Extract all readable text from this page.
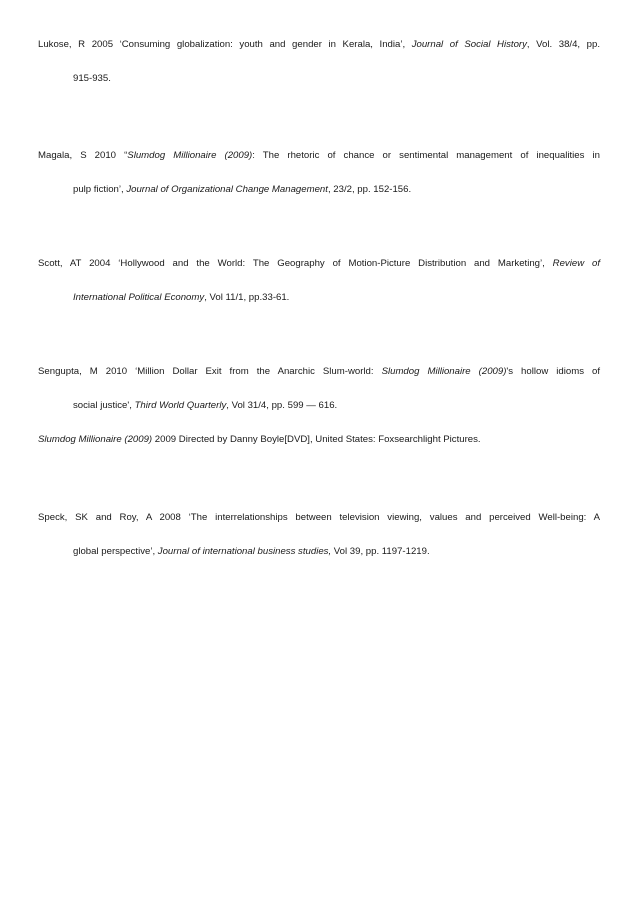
Lukose, R 2005 ‘Consuming globalization: youth and gender in Kerala, India’, Journal of Social History, Vol. 38/4, pp.
915-935.
Magala, S 2010 “Slumdog Millionaire (2009): The rhetoric of chance or sentimental management of inequalities in
pulp fiction’, Journal of Organizational Change Management, 23/2, pp. 152-156.
Scott, AT 2004 ‘Hollywood and the World: The Geography of Motion-Picture Distribution and Marketing’, Review of
International Political Economy, Vol 11/1, pp.33-61.
Sengupta, M 2010 ‘Million Dollar Exit from the Anarchic Slum-world: Slumdog Millionaire (2009)'s hollow idioms of
social justice', Third World Quarterly, Vol 31/4, pp. 599 — 616.
Slumdog Millionaire (2009) 2009 Directed by Danny Boyle[DVD], United States: Foxsearchlight Pictures.
Speck, SK and Roy, A 2008 ‘The interrelationships between television viewing, values and perceived Well-being: A
global perspective’, Journal of international business studies, Vol 39, pp. 1197-1219.
